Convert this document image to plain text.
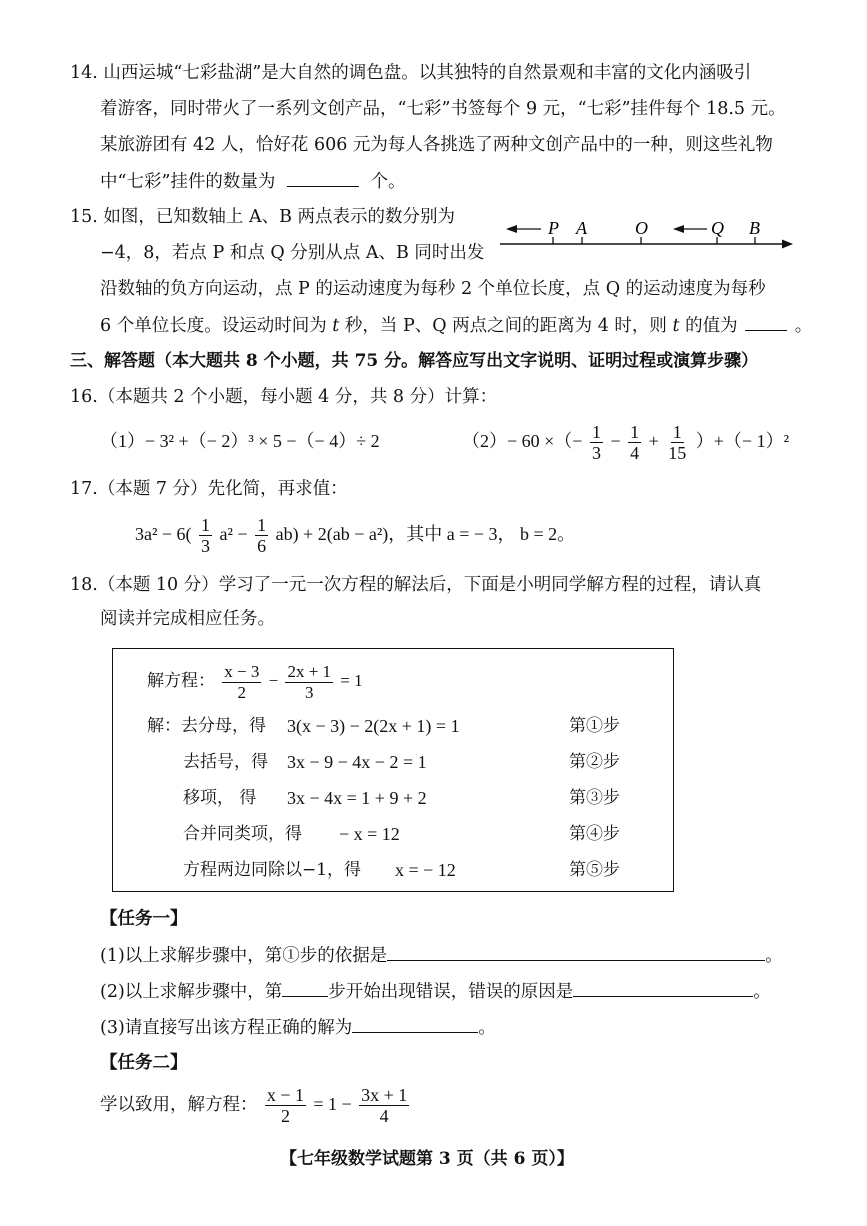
14. 山西运城“七彩盐湖”是大自然的调色盘。以其独特的自然景观和丰富的文化内涵吸引
着游客，同时带火了一系列文创产品，“七彩”书签每个 9 元，“七彩”挂件每个 18.5 元。
某旅游团有 42 人，恰好花 606 元为每人各挑选了两种文创产品中的一种，则这些礼物
中“七彩”挂件的数量为	个。
15. 如图，已知数轴上 A、B 两点表示的数分别为
−4，8，若点 P 和点 Q 分别从点 A、B 同时出发
P A	O	Q B
沿数轴的负方向运动，点 P 的运动速度为每秒 2 个单位长度，点 Q 的运动速度为每秒
6 个单位长度。设运动时间为 t 秒，当 P、Q 两点之间的距离为 4 时，则 t 的值为	。
三、解答题（本大题共 8 个小题，共 75 分。解答应写出文字说明、证明过程或演算步骤）
16.（本题共 2 个小题，每小题 4 分，共 8 分）计算：
（1）− 3² +（− 2）³ × 5 −（− 4）÷ 2	（2）− 60 ×（− $\frac{1}{3} - \frac{1}{4} + \frac{1}{15}$ ）+（− 1）²
17.（本题 7 分）先化简，再求值：
$3a^2 - 6( \frac{1}{3} a^2 - \frac{1}{6} ab) + 2(ab - a^2)$，其中 a = − 3， b = 2。
18.（本题 10 分）学习了一元一次方程的解法后，下面是小明同学解方程的过程，请认真
阅读并完成相应任务。
解方程： $\frac{x - 3}{2} - \frac{2x + 1}{3} = 1$
解：去分母，得 3(x − 3) − 2(2x + 1) = 1	第①步
去括号，得 3x − 9 − 4x − 2 = 1	第②步
移项， 得 3x − 4x = 1 + 9 + 2	第③步
合并同类项，得 − x = 12	第④步
方程两边同除以−1，得 x = − 12	第⑤步
【任务一】
(1)以上求解步骤中，第①步的依据是	。
(2)以上求解步骤中，第	步开始出现错误，错误的原因是	。
(3)请直接写出该方程正确的解为	。
【任务二】
学以致用，解方程： $\frac{x - 1}{2} = 1 - \frac{3x + 1}{4}$
【七年级数学试题第 3 页（共 6 页）】
